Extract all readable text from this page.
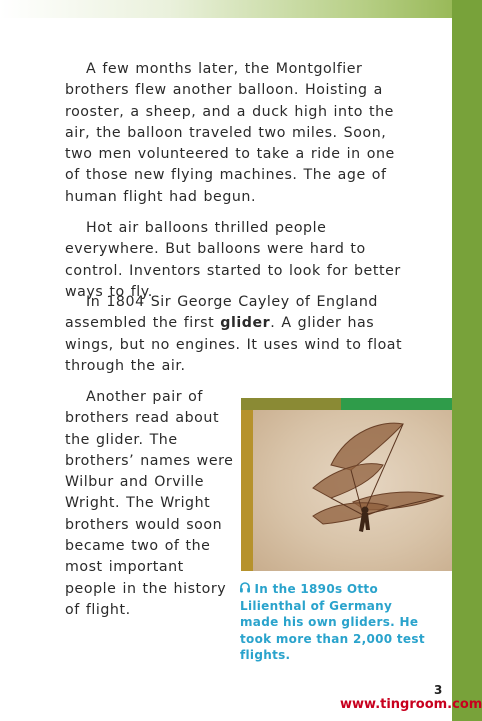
A few months later, the Montgolfier brothers flew another balloon. Hoisting a rooster, a sheep, and a duck high into the air, the balloon traveled two miles. Soon, two men volunteered to take a ride in one of those new flying machines. The age of human flight had begun.

Hot air balloons thrilled people everywhere. But balloons were hard to control. Inventors started to look for better ways to fly.

In 1804 Sir George Cayley of England assembled the first glider. A glider has wings, but no engines. It uses wind to float through the air.

Another pair of brothers read about the glider. The brothers’ names were Wilbur and Orville Wright. The Wright brothers would soon became two of the most important people in the history of flight.

In the 1890s Otto Lilienthal of Germany made his own gliders. He took more than 2,000 test flights.
3
www.tingroom.com
